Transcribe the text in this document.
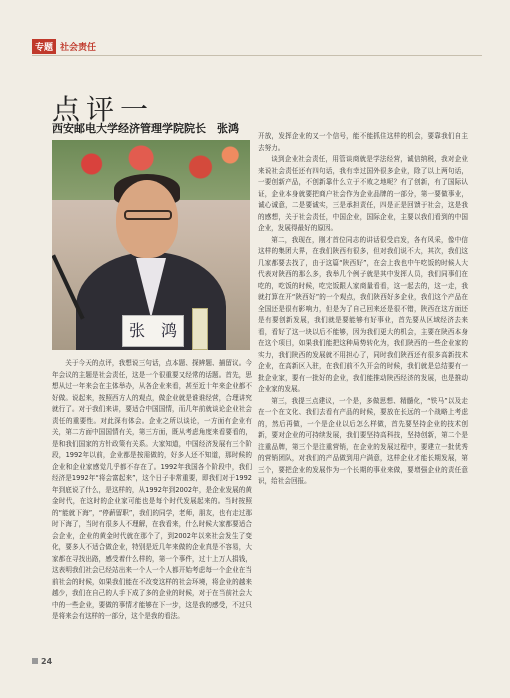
专题 社会责任
点评一
西安邮电大学经济管理学院院长　张鸿
张　鸿

关于今天的点评，我想说三句话，点本题、探辨题、捕留议。今年会议的主题是社会责任，这是一个很重要又经常的话题。首先，思想从过一年来会在主体举办，从各企业来看，甚至近十年来企业都不好做。说起来，按照西方人的观点，做企业就是谁谁经营，合理讲究就行了。对于我们来讲，要适合中国国情，而几年前就谈论企业社会责任的重要性。对此深有体会。企业之所以谈论，一方面有企业有关，第二方面中国国情有关，第三方面，既从考虑角度来看要看的，是和我们国家的方针政策有关系。大家知道，中国经济发展有三个阶段，1992年以前，企业都是按需做的，好多人还不知道，那时候的企业和企业家感觉几乎都不存在了。1992年我国各个阶段中，我们经济是1992年“将会富起来”，这个日子非常重要，即我们对于1992年到底说了什么，是这样的，从1992年到2002年，是企业发展的黄金时代，在这时的企业家可能也是每个时代发展起来的。当时按照的“能就下海”，“停薪留职”，我们的同学，老师，朋友，也有走过那时下海了，当时有很多人不理解，在我看来，什么时候大家都要适合会企业，企业的黄金时代就在那个了，到2002年以来社会发生了变化，要多人不适合做企业，特别是近几年来做的企业真是不容易，大家都在寻找出路，感受着什么样的，第一个事件，过十上万人捐钱，这表明我们社会已经站出来一个人一个人都开始考虑每一个企业在当前社会的时候，如果我们能在不改变这样的社会环境，将企业的越来越少，我们在自己的人手下成了多的企业的时候，对于在当前社会大中的一些企业，要做的事情才能够在下一步，这是我的感受，不过只是将来会有这样的一部分，这个是我的看法。

开放，发挥企业的又一个信号，能不能抓住这样的机会，要靠我们自主去努力。

谈到企业社会责任，用管谈商就是学法经营，诚信纳税，我对企业来说社会责任还有四句话，我有幸过国外很多企业，除了以上两句话，一要创新产品，不创新靠什么立于不败之地呢？有了创新，有了国际认证，企业本身就要把商户社会作为企业品牌的一部分，第一要做事业，诚心诚意，二是要诚实，三是承担责任，四是正是回馈于社会，这是我的感想，关于社会责任，中国企业，国际企业，主要以我们看到的中国企业，发展得最好的原因。

第二，我现在，刚才首位同志的讲话很受启发，各有风采，像中信这样的集团大界，在我们陕西有很多，但对我们说不大，其次，我们这几家都要去找了，由于这篇“陕西好”，在会上我也中午吃饭的时候人大代表对陕西的那么多，我举几个例子就是其中发挥人员，我们同事们在吃的，吃饭的时候，吃完饭跟人家商量看看，这一起去的，这一走，我就打算在开“陕西好”的一个观点，我们陕西好多企业，我们这个产品在全国还是很有影响力，但是为了自己回来还是很不错，陕西在这方面还是有要创新发展，我们就是要能够有好事业，首先要从区域经济去来看，看好了这一块以后不能够，因为我们更大的机会，主要在陕西本身在这个项目，如果我们能把这种局势转化为，我们陕西的一些企业家的实力，我们陕西的发展就不用担心了，同时我们陕西还有很多高新技术企业，在高新区入驻，在我们前不久开会的时候，我们就是总结要有一批企业家，要有一批好的企业，我们能推动陕西经济的发展，也是推动企业家的发展。

第三，我提三点建议，一个是，多做思想、精髓化，“铁马”以及走在一个在文化、我们去看有产品的时候，要放在长远的一个战略上考虑的，然后再做，一个是企业以后怎么样做，首先要坚持企业的技术创新，要对企业的可持续发展，我们要坚持高科技，坚持创新，第二个是注重品牌，第三个是注重营销，在企业的发展过程中，要建立一批优秀的营销团队，对我们的产品做到用户满意，这样企业才能长期发展，第三个，要把企业的发展作为一个长期的事业来做，要增强企业的责任意识，给社会回报。

24
